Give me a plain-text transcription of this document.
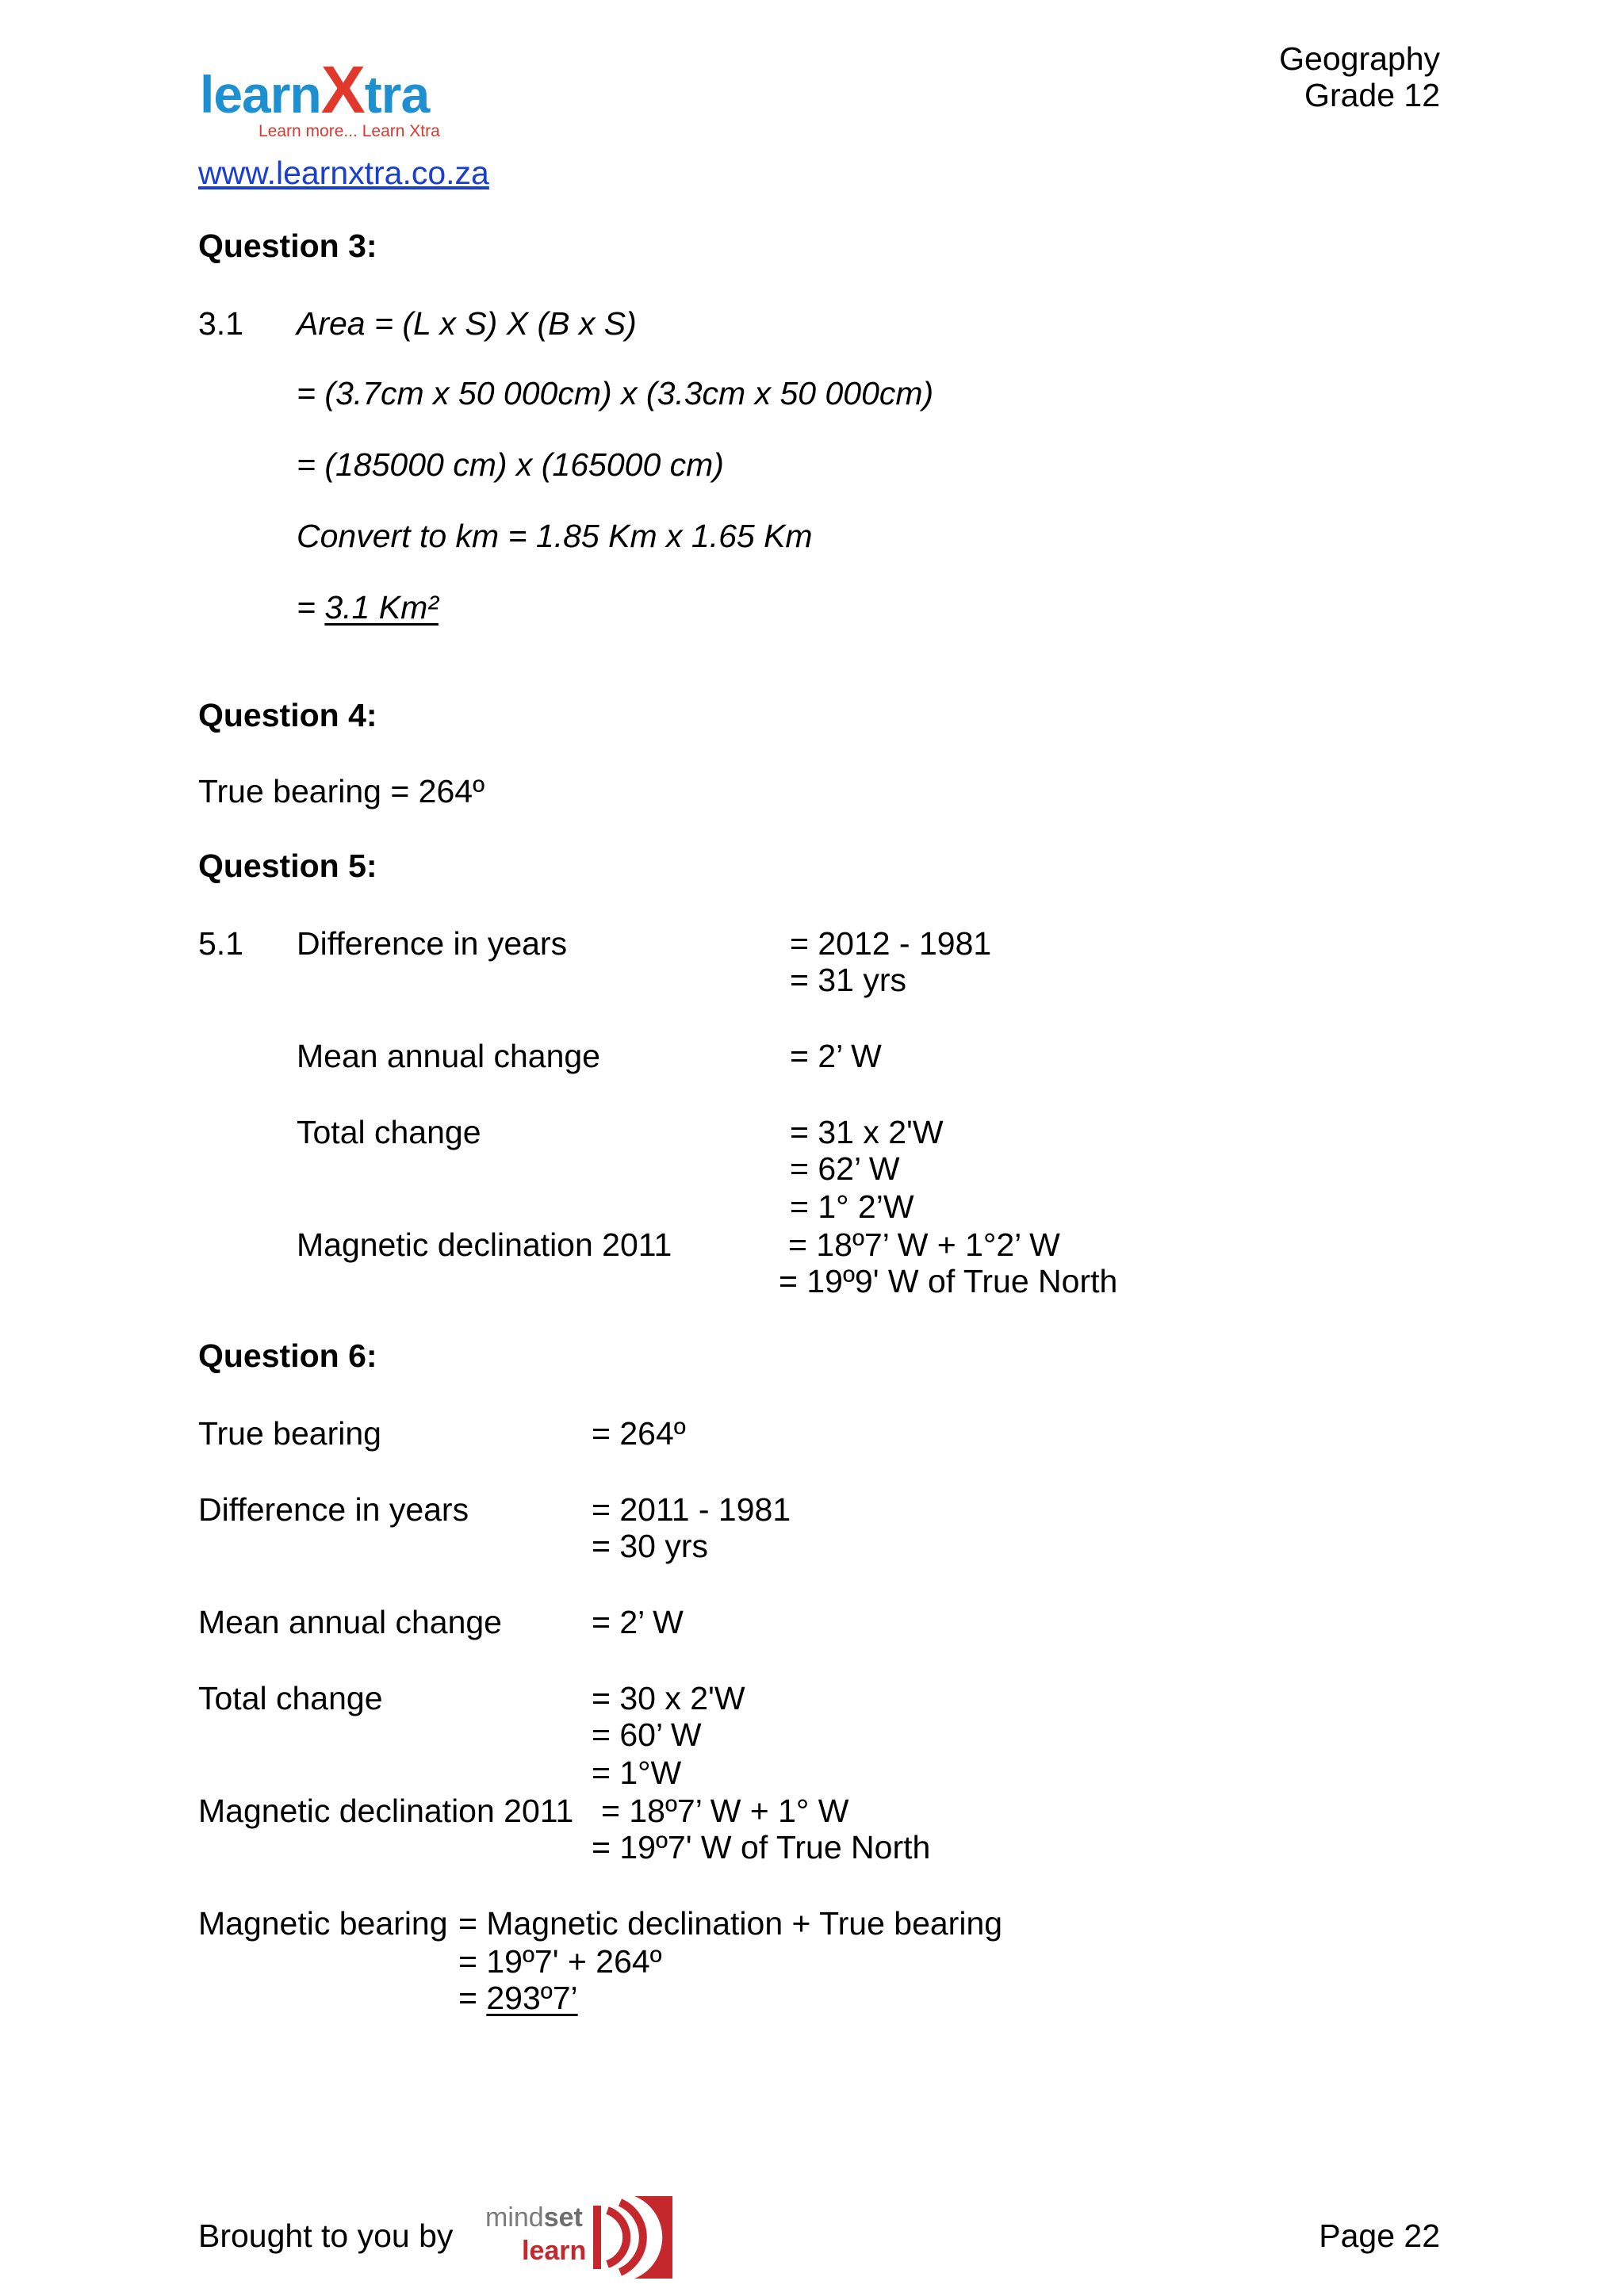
learnXtra
Learn more... Learn Xtra
Geography
Grade 12
www.learnxtra.co.za
Question 3:
3.1 Area = (L x S) X (B x S)
= (3.7cm x 50 000cm) x (3.3cm x 50 000cm)
= (185000 cm) x (165000 cm)
Convert to km = 1.85 Km x 1.65 Km
= 3.1 Km²
Question 4:
True bearing = 264º
Question 5:
5.1 Difference in years	= 2012 - 1981
= 31 yrs
Mean annual change	= 2’ W
Total change	= 31 x 2'W
= 62’ W
= 1° 2’W
Magnetic declination 2011	= 18º7’ W + 1°2’ W
= 19º9' W of True North
Question 6:
True bearing	= 264º
Difference in years	= 2011 - 1981
= 30 yrs
Mean annual change	= 2’ W
Total change	= 30 x 2'W
= 60’ W
= 1°W
Magnetic declination 2011 = 18º7’ W + 1° W
= 19º7' W of True North
Magnetic bearing = Magnetic declination + True bearing
= 19º7' + 264º
= 293º7’
Brought to you by mindset
learn	Page 22
